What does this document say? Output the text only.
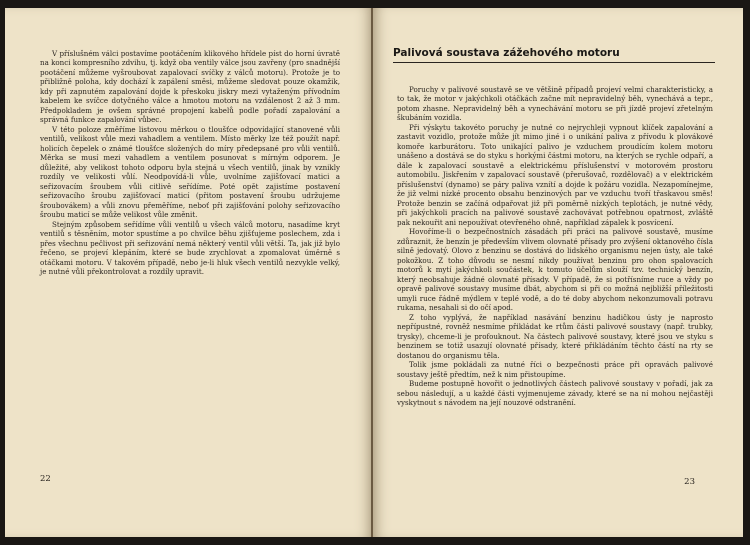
V příslušném válci postavíme pootáčením klikového hřídele píst do horní úvratě na konci kompresního zdvihu, tj. když oba ventily válce jsou zavřeny (pro snadnější pootáčení můžeme vyšroubovat zapalovací svíčky z válců motoru). Protože je to přibližně poloha, kdy dochází k zapálení směsi, můžeme sledovat pouze okamžik, kdy při zapnutém zapalování dojde k přeskoku jiskry mezi vytaženým přívodním kabelem ke svíčce dotyčného válce a hmotou motoru na vzdálenost 2 až 3 mm. Předpokladem je ovšem správné propojení kabelů podle pořadí zapalování a správná funkce zapalování vůbec.

V této poloze změříme listovou měrkou o tloušťce odpovídající stanovené vůli ventilů, velikost vůle mezi vahadlem a ventilem. Místo měrky lze též použít např. holicích čepelek o známé tloušťce složených do míry předepsané pro vůli ventilů. Měrka se musí mezi vahadlem a ventilem posunovat s mírným odporem. Je důležité, aby velikost tohoto odporu byla stejná u všech ventilů, jinak by vznikly rozdíly ve velikosti vůlí. Neodpovídá-li vůle, uvolníme zajišťovací matici a seřizovacím šroubem vůli citlivě seřídíme. Poté opět zajistíme postavení seřizovacího šroubu zajišťovací maticí (přitom postavení šroubu udržujeme šroubovákem) a vůli znovu přeměříme, neboť při zajišťování polohy seřizovacího šroubu maticí se může velikost vůle změnit.

Stejným způsobem seřídíme vůli ventilů u všech válců motoru, nasadíme kryt ventilů s těsněním, motor spustíme a po chvilce běhu zjišťujeme poslechem, zda i přes všechnu pečlivost při seřizování nemá některý ventil vůli větší. Ta, jak již bylo řečeno, se projeví klepáním, které se bude zrychlovat a zpomalovat úměrně s otáčkami motoru. V takovém případě, nebo je-li hluk všech ventilů nezvykle velký, je nutné vůli překontrolovat a rozdíly upravit.

22
Palivová soustava zážehového motoru

Poruchy v palivové soustavě se ve většině případů projeví velmi charakteristicky, a to tak, že motor v jakýchkoli otáčkách začne mít nepravidelný běh, vynechává a tepr., potom zhasne. Nepravidelný běh a vynechávání motoru se při jízdě projeví zřetelným škubáním vozidla.

Při výskytu takovéto poruchy je nutné co nejrychleji vypnout klíček zapalování a zastavit vozidlo, protože může jít mimo jiné i o unikání paliva z přívodu k plovákové komoře karburátoru. Toto unikající palivo je vzduchem proudícím kolem motoru unášeno a dostává se do styku s horkými částmi motoru, na kterých se rychle odpaří, a dále k zapalovací soustavě a elektrickému příslušenství v motorovém prostoru automobilu. Jiskřením v zapalovací soustavě (přerušovač, rozdělovač) a v elektrickém příslušenství (dynamo) se páry paliva vznítí a dojde k požáru vozidla. Nezapomínejme, že již velmi nízké procento obsahu benzinových par ve vzduchu tvoří třaskavou směs! Protože benzin se začíná odpařovat již při poměrně nízkých teplotách, je nutné vědy, při jakýchkoli pracích na palivové soustavě zachovávat potřebnou opatrnost, zvláště pak nekouřit ani nepoužívat otevřeného ohně, například zápalek k posvícení.

Hovoříme-li o bezpečnostních zásadách při práci na palivové soustavě, musíme zdůraznit, že benzín je především vlivem olovnaté přísady pro zvýšení oktanového čísla silně jedovatý. Olovo z benzinu se dostává do lidského organismu nejen ústy, ale také pokožkou. Z toho důvodu se nesmí nikdy používat benzinu pro ohon spalovacích motorů k mytí jakýchkoli součástek, k tomuto účelům slouží tzv. technický benzín, který neobsahuje žádné olovnaté přísady. V případě, že si potřísníme ruce a vždy po opravě palivové soustavy musíme dbát, abychom si při co možná nejbližší příležitosti umyli ruce řádně mýdlem v teplé vodě, a do té doby abychom nekonzumovali potravu rukama, nesahali si do očí apod.

Z toho vyplývá, že například nasávání benzinu hadičkou ústy je naprosto nepřípustné, rovněž nesmíme přikládat ke rtům části palivové soustavy (např. trubky, trysky), chceme-li je profouknout. Na částech palivové soustavy, které jsou ve styku s benzinem se totiž usazují olovnaté přísady, které přikládáním těchto částí na rty se dostanou do organismu těla.

Tolik jsme pokládali za nutné říci o bezpečnosti práce při opravách palivové soustavy ještě předtím, než k nim přistoupíme.

Budeme postupně hovořit o jednotlivých částech palivové soustavy v pořadí, jak za sebou následují, a u každé části vyjmenujeme závady, které se na ní mohou nejčastěji vyskytnout s návodem na její nouzové odstranění.

23
